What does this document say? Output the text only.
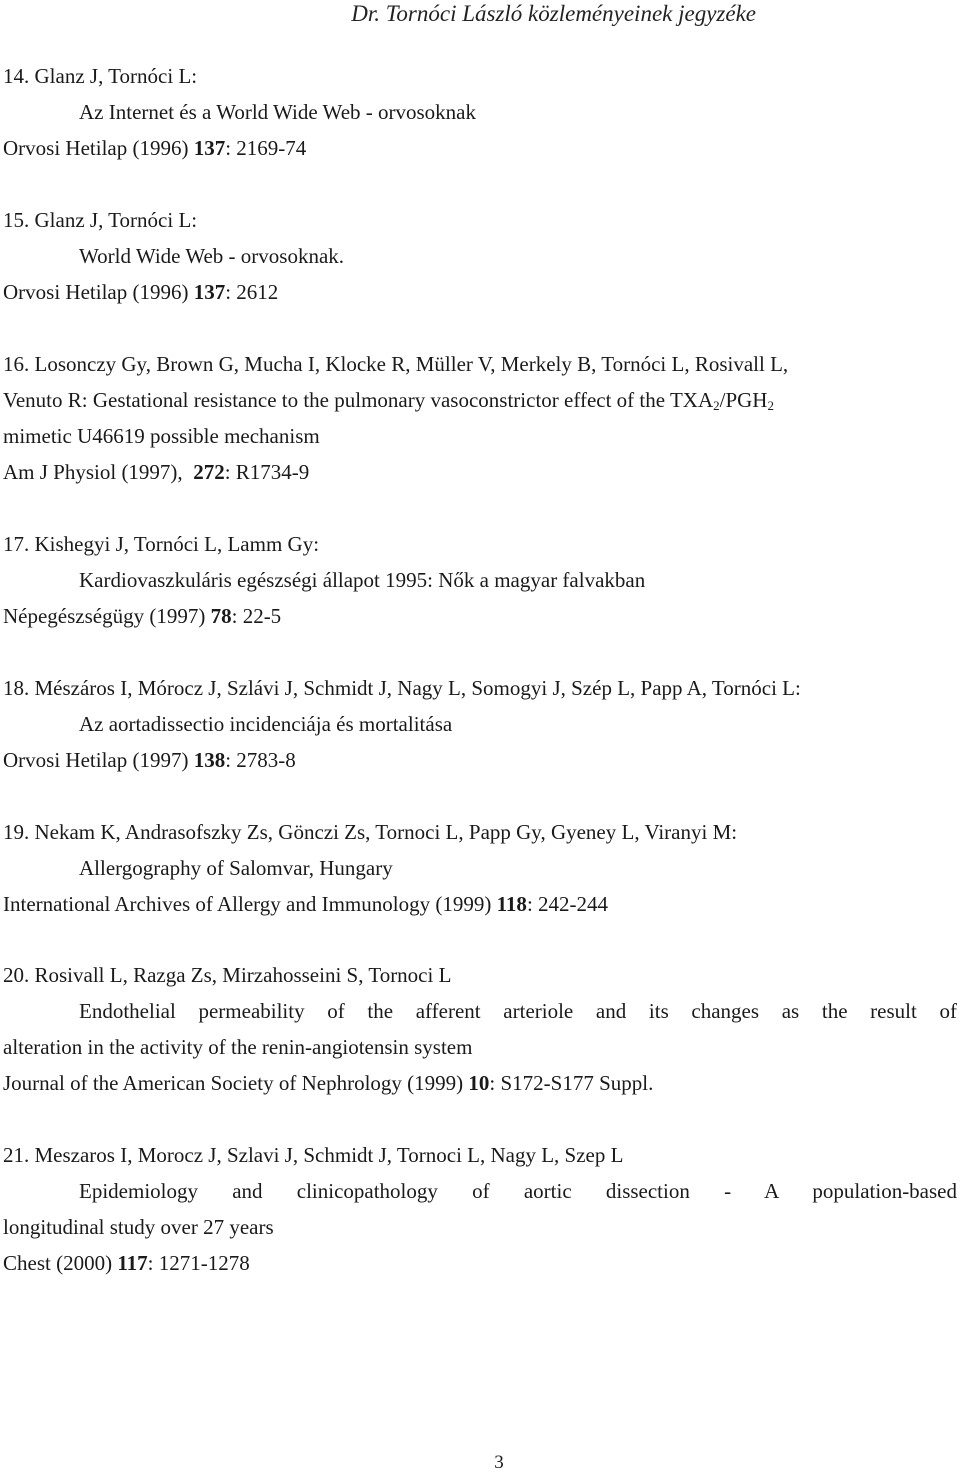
Dr. Tornóci László közleményeinek jegyzéke
14. Glanz J, Tornóci L:
Az Internet és a World Wide Web - orvosoknak
Orvosi Hetilap (1996) 137: 2169-74
15. Glanz J, Tornóci L:
World Wide Web - orvosoknak.
Orvosi Hetilap (1996) 137: 2612
16. Losonczy Gy, Brown G, Mucha I, Klocke R, Müller V, Merkely B, Tornóci L, Rosivall L,
Venuto R: Gestational resistance to the pulmonary vasoconstrictor effect of the $TXA_2/PGH_2$
mimetic U46619 possible mechanism
Am J Physiol (1997), 272: R1734-9
17. Kishegyi J, Tornóci L, Lamm Gy:
Kardiovaszkuláris egészségi állapot 1995: Nők a magyar falvakban
Népegészségügy (1997) 78: 22-5
18. Mészáros I, Mórocz J, Szlávi J, Schmidt J, Nagy L, Somogyi J, Szép L, Papp A, Tornóci L:
Az aortadissectio incidenciája és mortalitása
Orvosi Hetilap (1997) 138: 2783-8
19. Nekam K, Andrasofszky Zs, Gönczi Zs, Tornoci L, Papp Gy, Gyeney L, Viranyi M:
Allergography of Salomvar, Hungary
International Archives of Allergy and Immunology (1999) 118: 242-244
20. Rosivall L, Razga Zs, Mirzahosseini S, Tornoci L
Endothelial permeability of the afferent arteriole and its changes as the result of
alteration in the activity of the renin-angiotensin system
Journal of the American Society of Nephrology (1999) 10: S172-S177 Suppl.
21. Meszaros I, Morocz J, Szlavi J, Schmidt J, Tornoci L, Nagy L, Szep L
Epidemiology and clinicopathology of aortic dissection - A population-based
longitudinal study over 27 years
Chest (2000) 117: 1271-1278
3
